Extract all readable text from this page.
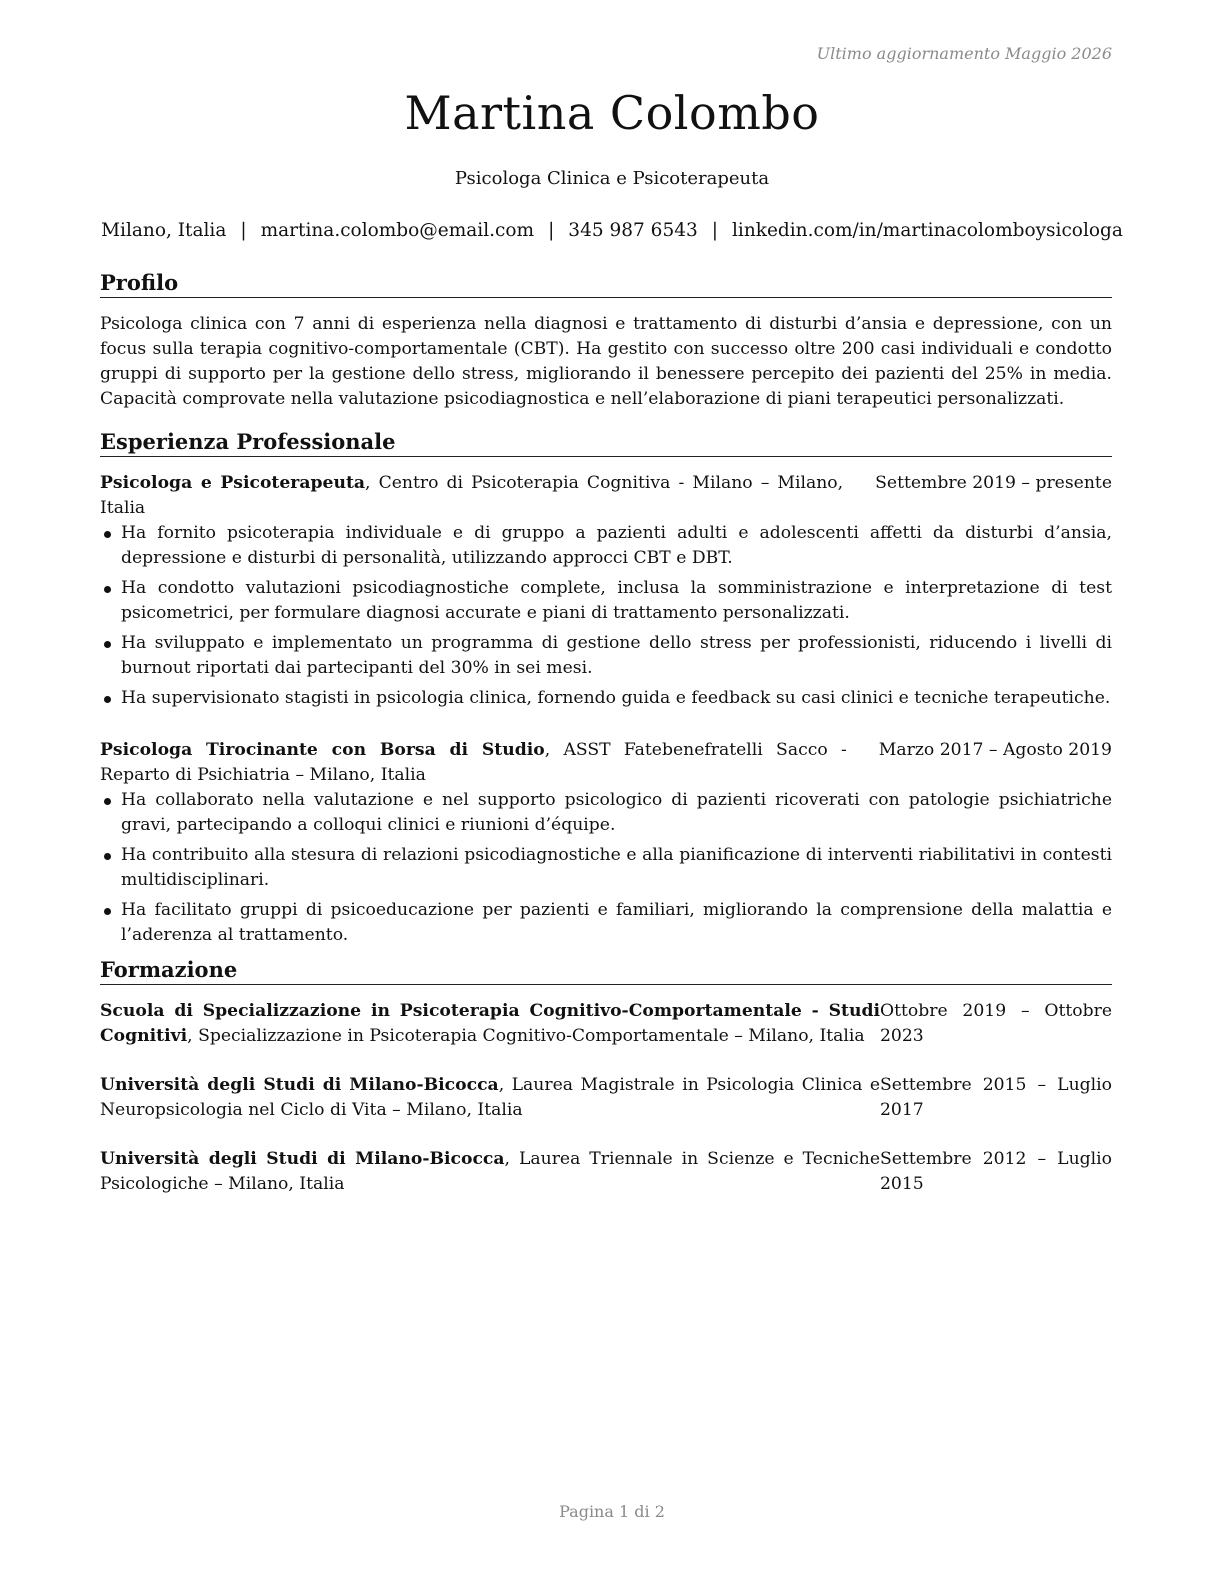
Ultimo aggiornamento Maggio 2026
Martina Colombo
Psicologa Clinica e Psicoterapeuta
Milano, Italia | martina.colombo@email.com | 345 987 6543 | linkedin.com/in/martinacolomboysicologa
Profilo

Psicologa clinica con 7 anni di esperienza nella diagnosi e trattamento di disturbi d’ansia e depressione, con un focus sulla terapia cognitivo-comportamentale (CBT). Ha gestito con successo oltre 200 casi individuali e condotto gruppi di supporto per la gestione dello stress, migliorando il benessere percepito dei pazienti del 25% in media. Capacità comprovate nella valutazione psicodiagnostica e nell’elaborazione di piani terapeutici personalizzati.

Esperienza Professionale
Psicologa e Psicoterapeuta, Centro di Psicoterapia Cognitiva - Milano – Milano, Italia
Settembre 2019 – presente
Ha fornito psicoterapia individuale e di gruppo a pazienti adulti e adolescenti affetti da disturbi d’ansia, depressione e disturbi di personalità, utilizzando approcci CBT e DBT.
Ha condotto valutazioni psicodiagnostiche complete, inclusa la somministrazione e interpretazione di test psicometrici, per formulare diagnosi accurate e piani di trattamento personalizzati.
Ha sviluppato e implementato un programma di gestione dello stress per professionisti, riducendo i livelli di burnout riportati dai partecipanti del 30% in sei mesi.
Ha supervisionato stagisti in psicologia clinica, fornendo guida e feedback su casi clinici e tecniche terapeutiche.
Psicologa Tirocinante con Borsa di Studio, ASST Fatebenefratelli Sacco - Reparto di Psichiatria – Milano, Italia
Marzo 2017 – Agosto 2019
Ha collaborato nella valutazione e nel supporto psicologico di pazienti ricoverati con patologie psichiatriche gravi, partecipando a colloqui clinici e riunioni d’équipe.
Ha contribuito alla stesura di relazioni psicodiagnostiche e alla pianificazione di interventi riabilitativi in contesti multidisciplinari.
Ha facilitato gruppi di psicoeducazione per pazienti e familiari, migliorando la comprensione della malattia e l’aderenza al trattamento.
Formazione
Scuola di Specializzazione in Psicoterapia Cognitivo-Comportamentale - Studi Cognitivi, Specializzazione in Psicoterapia Cognitivo-Comportamentale – Milano, Italia
Ottobre 2019 – Ottobre 2023
Università degli Studi di Milano-Bicocca, Laurea Magistrale in Psicologia Clinica e Neuropsicologia nel Ciclo di Vita – Milano, Italia
Settembre 2015 – Luglio 2017
Università degli Studi di Milano-Bicocca, Laurea Triennale in Scienze e Tecniche Psicologiche – Milano, Italia
Settembre 2012 – Luglio 2015
Pagina 1 di 2
